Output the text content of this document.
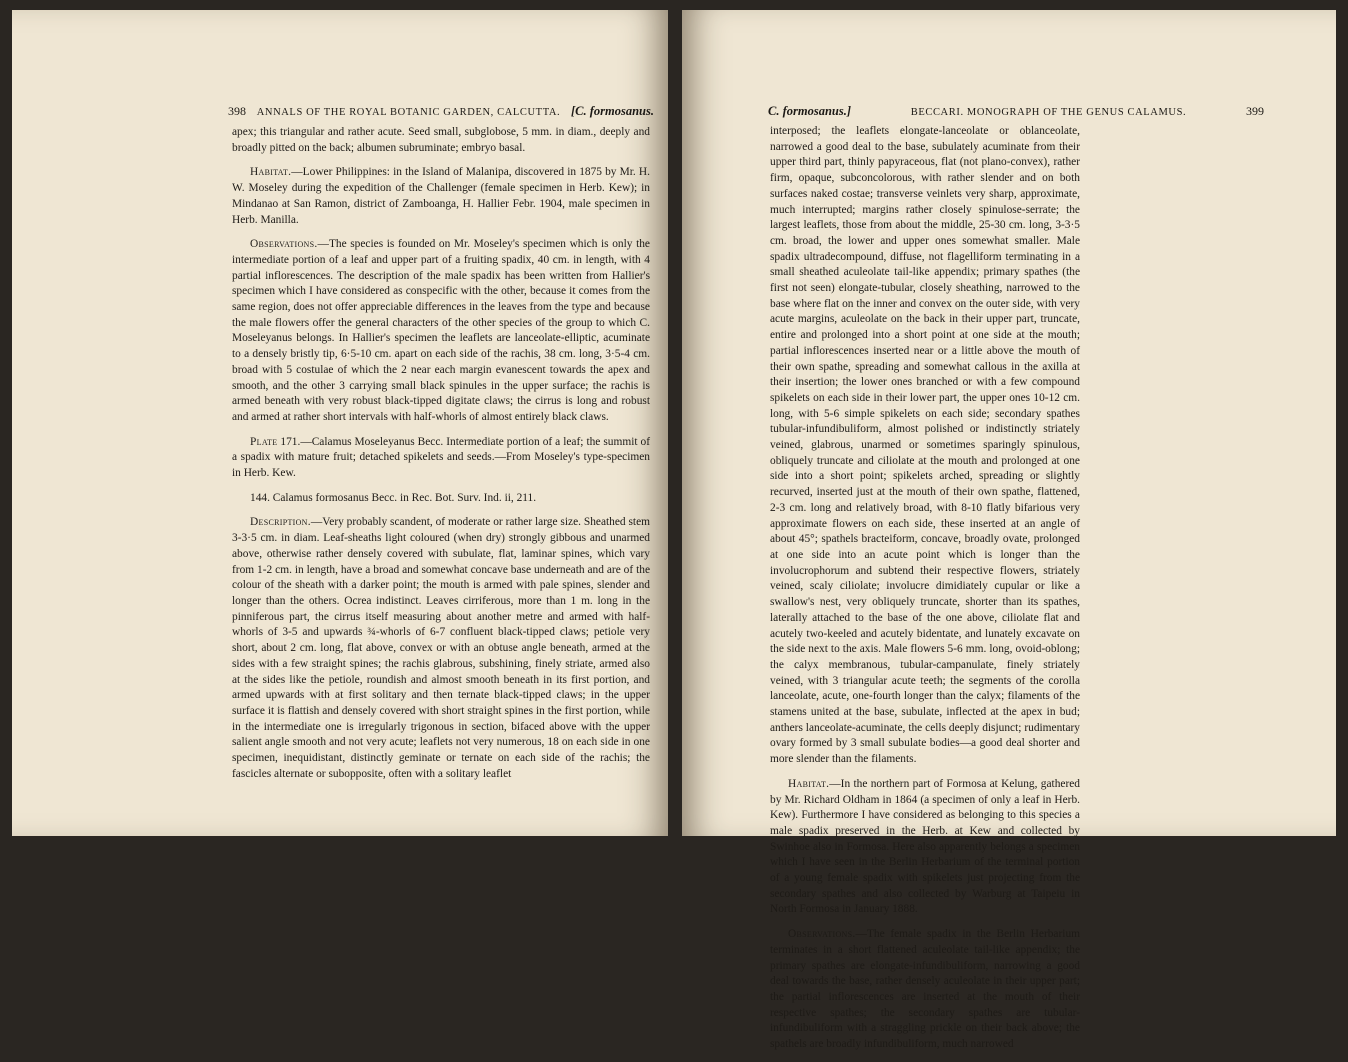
398 ANNALS OF THE ROYAL BOTANIC GARDEN, CALCUTTA. [C. formosanus.

apex; this triangular and rather acute. Seed small, subglobose, 5 mm. in diam., deeply and broadly pitted on the back; albumen subruminate; embryo basal.

Habitat.—Lower Philippines: in the Island of Malanipa, discovered in 1875 by Mr. H. W. Moseley during the expedition of the Challenger (female specimen in Herb. Kew); in Mindanao at San Ramon, district of Zamboanga, H. Hallier Febr. 1904, male specimen in Herb. Manilla.

Observations.—The species is founded on Mr. Moseley's specimen which is only the intermediate portion of a leaf and upper part of a fruiting spadix, 40 cm. in length, with 4 partial inflorescences. The description of the male spadix has been written from Hallier's specimen which I have considered as conspecific with the other, because it comes from the same region, does not offer appreciable differences in the leaves from the type and because the male flowers offer the general characters of the other species of the group to which C. Moseleyanus belongs. In Hallier's specimen the leaflets are lanceolate-elliptic, acuminate to a densely bristly tip, 6·5-10 cm. apart on each side of the rachis, 38 cm. long, 3·5-4 cm. broad with 5 costulae of which the 2 near each margin evanescent towards the apex and smooth, and the other 3 carrying small black spinules in the upper surface; the rachis is armed beneath with very robust black-tipped digitate claws; the cirrus is long and robust and armed at rather short intervals with half-whorls of almost entirely black claws.

Plate 171.—Calamus Moseleyanus Becc. Intermediate portion of a leaf; the summit of a spadix with mature fruit; detached spikelets and seeds.—From Moseley's type-specimen in Herb. Kew.

144. Calamus formosanus Becc. in Rec. Bot. Surv. Ind. ii, 211.

Description.—Very probably scandent, of moderate or rather large size. Sheathed stem 3-3·5 cm. in diam. Leaf-sheaths light coloured (when dry) strongly gibbous and unarmed above, otherwise rather densely covered with subulate, flat, laminar spines, which vary from 1-2 cm. in length, have a broad and somewhat concave base underneath and are of the colour of the sheath with a darker point; the mouth is armed with pale spines, slender and longer than the others. Ocrea indistinct. Leaves cirriferous, more than 1 m. long in the pinniferous part, the cirrus itself measuring about another metre and armed with half-whorls of 3-5 and upwards ¾-whorls of 6-7 confluent black-tipped claws; petiole very short, about 2 cm. long, flat above, convex or with an obtuse angle beneath, armed at the sides with a few straight spines; the rachis glabrous, subshining, finely striate, armed also at the sides like the petiole, roundish and almost smooth beneath in its first portion, and armed upwards with at first solitary and then ternate black-tipped claws; in the upper surface it is flattish and densely covered with short straight spines in the first portion, while in the intermediate one is irregularly trigonous in section, bifaced above with the upper salient angle smooth and not very acute; leaflets not very numerous, 18 on each side in one specimen, inequidistant, distinctly geminate or ternate on each side of the rachis; the fascicles alternate or subopposite, often with a solitary leaflet

C. formosanus.]	BECCARI. MONOGRAPH OF THE GENUS CALAMUS.	399

interposed; the leaflets elongate-lanceolate or oblanceolate, narrowed a good deal to the base, subulately acuminate from their upper third part, thinly papyraceous, flat (not plano-convex), rather firm, opaque, subconcolorous, with rather slender and on both surfaces naked costae; transverse veinlets very sharp, approximate, much interrupted; margins rather closely spinulose-serrate; the largest leaflets, those from about the middle, 25-30 cm. long, 3-3·5 cm. broad, the lower and upper ones somewhat smaller. Male spadix ultradecompound, diffuse, not flagelliform terminating in a small sheathed aculeolate tail-like appendix; primary spathes (the first not seen) elongate-tubular, closely sheathing, narrowed to the base where flat on the inner and convex on the outer side, with very acute margins, aculeolate on the back in their upper part, truncate, entire and prolonged into a short point at one side at the mouth; partial inflorescences inserted near or a little above the mouth of their own spathe, spreading and somewhat callous in the axilla at their insertion; the lower ones branched or with a few compound spikelets on each side in their lower part, the upper ones 10-12 cm. long, with 5-6 simple spikelets on each side; secondary spathes tubular-infundibuliform, almost polished or indistinctly striately veined, glabrous, unarmed or sometimes sparingly spinulous, obliquely truncate and ciliolate at the mouth and prolonged at one side into a short point; spikelets arched, spreading or slightly recurved, inserted just at the mouth of their own spathe, flattened, 2-3 cm. long and relatively broad, with 8-10 flatly bifarious very approximate flowers on each side, these inserted at an angle of about 45°; spathels bracteiform, concave, broadly ovate, prolonged at one side into an acute point which is longer than the involucrophorum and subtend their respective flowers, striately veined, scaly ciliolate; involucre dimidiately cupular or like a swallow's nest, very obliquely truncate, shorter than its spathes, laterally attached to the base of the one above, ciliolate flat and acutely two-keeled and acutely bidentate, and lunately excavate on the side next to the axis. Male flowers 5-6 mm. long, ovoid-oblong; the calyx membranous, tubular-campanulate, finely striately veined, with 3 triangular acute teeth; the segments of the corolla lanceolate, acute, one-fourth longer than the calyx; filaments of the stamens united at the base, subulate, inflected at the apex in bud; anthers lanceolate-acuminate, the cells deeply disjunct; rudimentary ovary formed by 3 small subulate bodies—a good deal shorter and more slender than the filaments.

Habitat.—In the northern part of Formosa at Kelung, gathered by Mr. Richard Oldham in 1864 (a specimen of only a leaf in Herb. Kew). Furthermore I have considered as belonging to this species a male spadix preserved in the Herb. at Kew and collected by Swinhoe also in Formosa. Here also apparently belongs a specimen which I have seen in the Berlin Herbarium of the terminal portion of a young female spadix with spikelets just projecting from the secondary spathes and also collected by Warburg at Taipeiu in North Formosa in January 1888.

Observations.—The female spadix in the Berlin Herbarium terminates in a short flattened aculeolate tail-like appendix; the primary spathes are elongate-infundibuliform, narrowing a good deal towards the base, rather densely aculeolate in their upper part; the partial inflorescences are inserted at the mouth of their respective spathes; the secondary spathes are tubular-infundibuliform with a straggling prickle on their back above; the spathels are broadly infundibuliform, much narrowed
